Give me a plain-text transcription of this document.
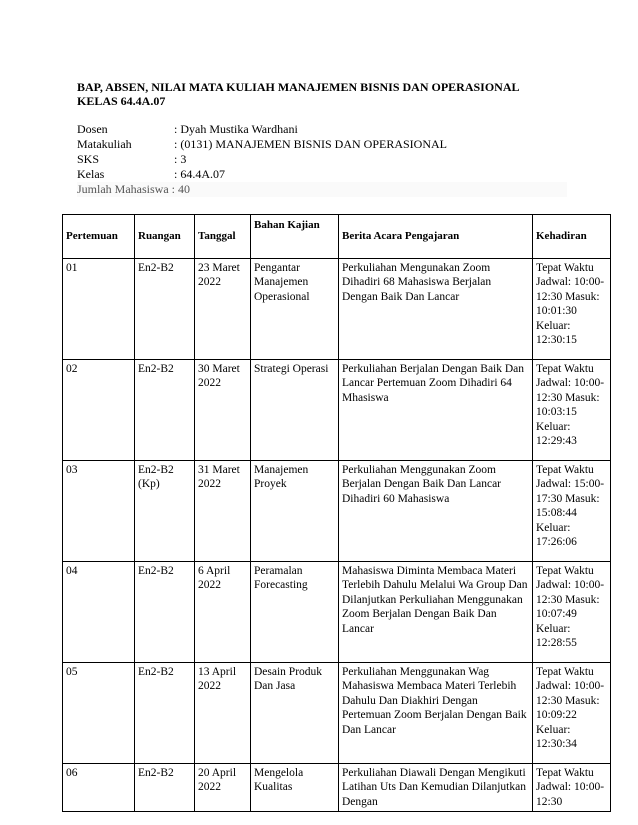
BAP, ABSEN, NILAI MATA KULIAH MANAJEMEN BISNIS DAN OPERASIONAL
KELAS 64.4A.07
Dosen	: Dyah Mustika Wardhani
Matakuliah	: (0131) MANAJEMEN BISNIS DAN OPERASIONAL
SKS	: 3
Kelas	: 64.4A.07
Jumlah Mahasiswa : 40
Pertemuan	Ruangan	Tanggal	Bahan Kajian	Berita Acara Pengajaran	Kehadiran
01	En2-B2	23 Maret 2022	Pengantar Manajemen Operasional	Perkuliahan Mengunakan Zoom Dihadiri 68 Mahasiswa Berjalan Dengan Baik Dan Lancar	Tepat Waktu Jadwal: 10:00-12:30 Masuk: 10:01:30 Keluar: 12:30:15
02	En2-B2	30 Maret 2022	Strategi Operasi	Perkuliahan Berjalan Dengan Baik Dan Lancar Pertemuan Zoom Dihadiri 64 Mhasiswa	Tepat Waktu Jadwal: 10:00-12:30 Masuk: 10:03:15 Keluar: 12:29:43
03	En2-B2 (Kp)	31 Maret 2022	Manajemen Proyek	Perkuliahan Menggunakan Zoom Berjalan Dengan Baik Dan Lancar Dihadiri 60 Mahasiswa	Tepat Waktu Jadwal: 15:00-17:30 Masuk: 15:08:44 Keluar: 17:26:06
04	En2-B2	6 April 2022	Peramalan Forecasting	Mahasiswa Diminta Membaca Materi Terlebih Dahulu Melalui Wa Group Dan Dilanjutkan Perkuliahan Menggunakan Zoom Berjalan Dengan Baik Dan Lancar	Tepat Waktu Jadwal: 10:00-12:30 Masuk: 10:07:49 Keluar: 12:28:55
05	En2-B2	13 April 2022	Desain Produk Dan Jasa	Perkuliahan Menggunakan Wag Mahasiswa Membaca Materi Terlebih Dahulu Dan Diakhiri Dengan Pertemuan Zoom Berjalan Dengan Baik Dan Lancar	Tepat Waktu Jadwal: 10:00-12:30 Masuk: 10:09:22 Keluar: 12:30:34
06	En2-B2	20 April 2022	Mengelola Kualitas	Perkuliahan Diawali Dengan Mengikuti Latihan Uts Dan Kemudian Dilanjutkan Dengan	Tepat Waktu Jadwal: 10:00-12:30
